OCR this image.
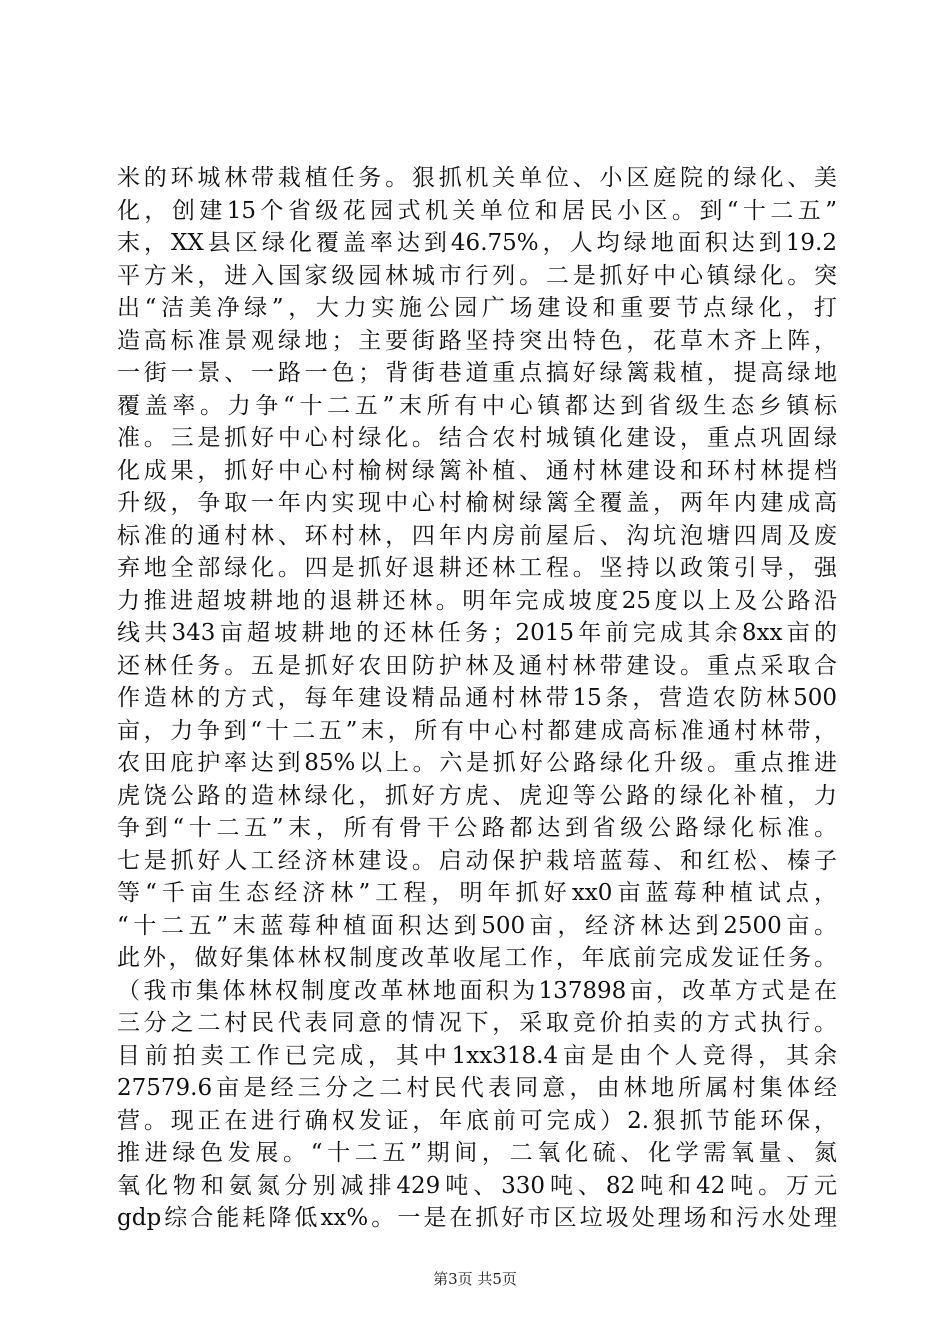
米的环城林带栽植任务。狠抓机关单位、小区庭院的绿化、美
化，创建15个省级花园式机关单位和居民小区。到“十二五”
末，XX县区绿化覆盖率达到46.75%，人均绿地面积达到19.2
平方米，进入国家级园林城市行列。二是抓好中心镇绿化。突
出“洁美净绿”，大力实施公园广场建设和重要节点绿化，打
造高标准景观绿地；主要街路坚持突出特色，花草木齐上阵，
一街一景、一路一色；背街巷道重点搞好绿篱栽植，提高绿地
覆盖率。力争“十二五”末所有中心镇都达到省级生态乡镇标
准。三是抓好中心村绿化。结合农村城镇化建设，重点巩固绿
化成果，抓好中心村榆树绿篱补植、通村林建设和环村林提档
升级，争取一年内实现中心村榆树绿篱全覆盖，两年内建成高
标准的通村林、环村林，四年内房前屋后、沟坑泡塘四周及废
弃地全部绿化。四是抓好退耕还林工程。坚持以政策引导，强
力推进超坡耕地的退耕还林。明年完成坡度25度以上及公路沿
线共343亩超坡耕地的还林任务；2015年前完成其余8xx亩的
还林任务。五是抓好农田防护林及通村林带建设。重点采取合
作造林的方式，每年建设精品通村林带15条，营造农防林500
亩，力争到“十二五”末，所有中心村都建成高标准通村林带，
农田庇护率达到85%以上。六是抓好公路绿化升级。重点推进
虎饶公路的造林绿化，抓好方虎、虎迎等公路的绿化补植，力
争到“十二五”末，所有骨干公路都达到省级公路绿化标准。
七是抓好人工经济林建设。启动保护栽培蓝莓、和红松、榛子
等“千亩生态经济林”工程，明年抓好xx0亩蓝莓种植试点，
“十二五”末蓝莓种植面积达到500亩，经济林达到2500亩。
此外，做好集体林权制度改革收尾工作，年底前完成发证任务。
（我市集体林权制度改革林地面积为137898亩，改革方式是在
三分之二村民代表同意的情况下，采取竞价拍卖的方式执行。
目前拍卖工作已完成，其中1xx318.4亩是由个人竞得，其余
27579.6亩是经三分之二村民代表同意，由林地所属村集体经
营。现正在进行确权发证，年底前可完成）2.狠抓节能环保，
推进绿色发展。“十二五”期间，二氧化硫、化学需氧量、氮
氧化物和氨氮分别减排429吨、330吨、82吨和42吨。万元
gdp综合能耗降低xx%。一是在抓好市区垃圾处理场和污水处理
第3页 共5页
